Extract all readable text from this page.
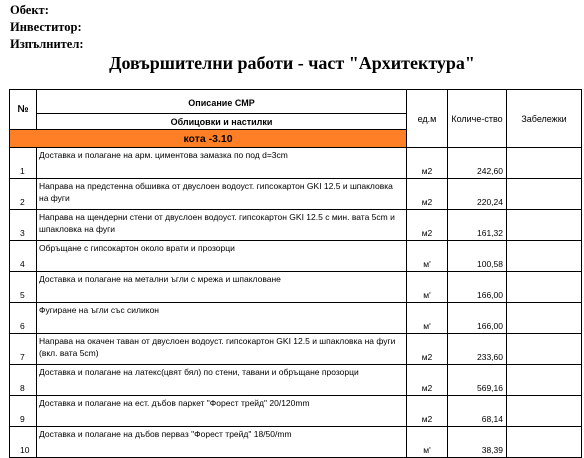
Обект:
Инвеститор:
Изпълнител:
Довършителни работи - част "Архитектура"
№	Описание СМР	ед.м	Количе-ство	Забележки
	Облицовки и настилки			
кота -3.10				
1	Доставка и полагане на арм. циментова замазка по под d=3cm	м2	242,60	
2	Направа на предстенна обшивка от двуслоен водоуст. гипсокартон GKI 12.5 и шпакловка на фуги	м2	220,24	
3	Направа на щендерни стени от двуслоен водоуст. гипсокартон GKI 12.5 с мин. вата 5cm и шпакловка на фуги	м2	161,32	
4	Обръщане с гипсокартон около врати и прозорци	м'	100,58	
5	Доставка и полагане на метални ъгли с мрежа и шпакловане	м'	166,00	
6	Фугиране на ъгли със силикон	м'	166,00	
7	Направа на окачен таван от двуслоен водоуст. гипсокартон GKI 12.5 и шпакловка на фуги (вкл. вата 5cm)	м2	233,60	
8	Доставка и полагане на латекс(цвят бял) по стени, тавани и обръщане прозорци	м2	569,16	
9	Доставка и полагане на ест. дъбов паркет "Форест трейд" 20/120mm	м2	68,14	
10	Доставка и полагане на дъбов первaз "Форест трейд" 18/50/mm	м'	38,39	
